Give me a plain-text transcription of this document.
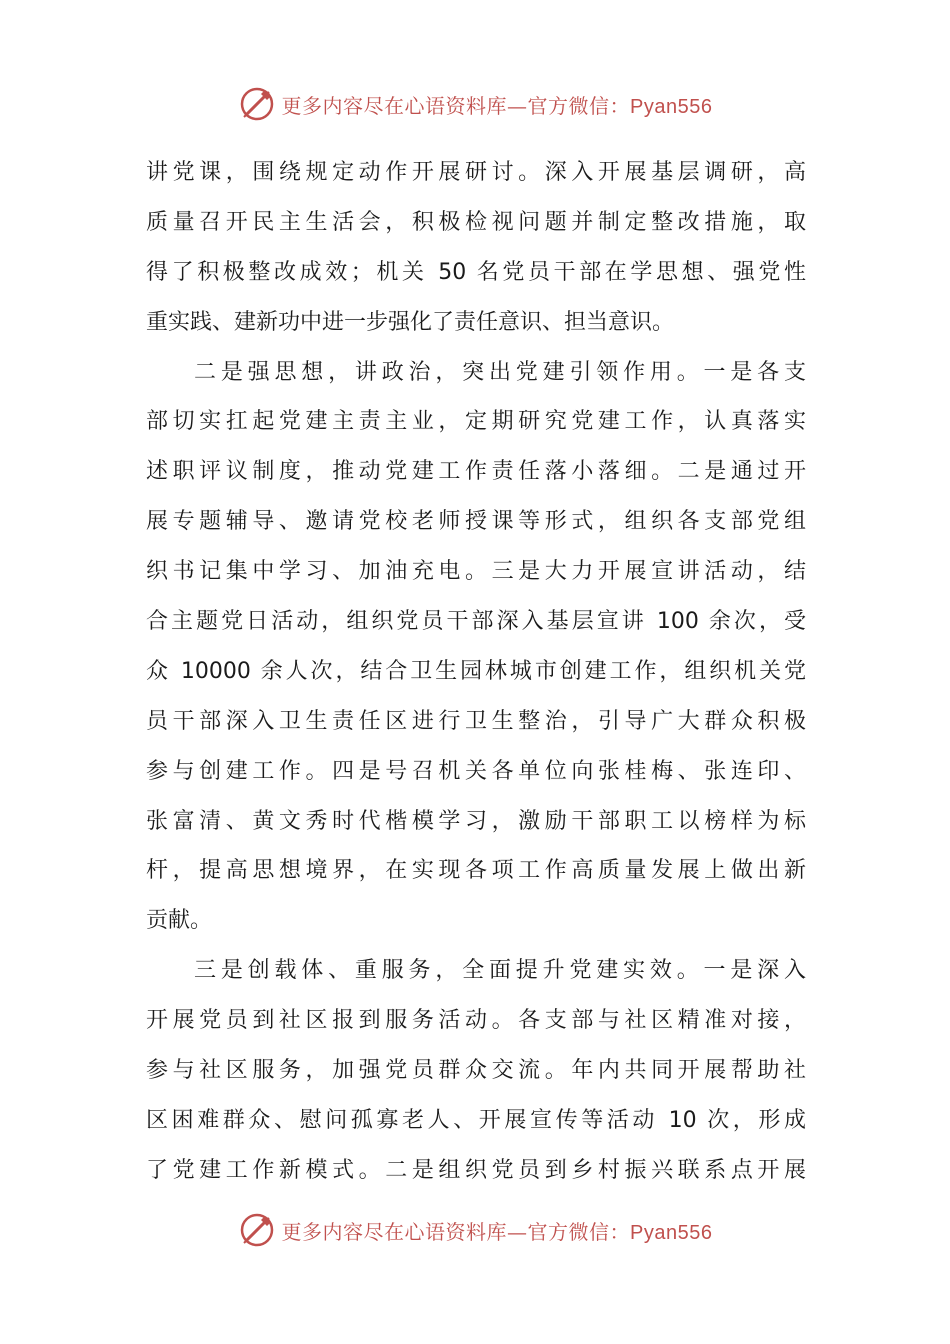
更多内容尽在心语资料库—官方微信：Pyan556
讲党课，围绕规定动作开展研讨。深入开展基层调研，高
质量召开民主生活会，积极检视问题并制定整改措施，取
得了积极整改成效；机关 50 名党员干部在学思想、强党性
重实践、建新功中进一步强化了责任意识、担当意识。
二是强思想，讲政治，突出党建引领作用。一是各支
部切实扛起党建主责主业，定期研究党建工作，认真落实
述职评议制度，推动党建工作责任落小落细。二是通过开
展专题辅导、邀请党校老师授课等形式，组织各支部党组
织书记集中学习、加油充电。三是大力开展宣讲活动，结
合主题党日活动，组织党员干部深入基层宣讲 100 余次，受
众 10000 余人次，结合卫生园林城市创建工作，组织机关党
员干部深入卫生责任区进行卫生整治，引导广大群众积极
参与创建工作。四是号召机关各单位向张桂梅、张连印、
张富清、黄文秀时代楷模学习，激励干部职工以榜样为标
杆，提高思想境界，在实现各项工作高质量发展上做出新
贡献。
三是创载体、重服务，全面提升党建实效。一是深入
开展党员到社区报到服务活动。各支部与社区精准对接，
参与社区服务，加强党员群众交流。年内共同开展帮助社
区困难群众、慰问孤寡老人、开展宣传等活动 10 次，形成
了党建工作新模式。二是组织党员到乡村振兴联系点开展
更多内容尽在心语资料库—官方微信：Pyan556
